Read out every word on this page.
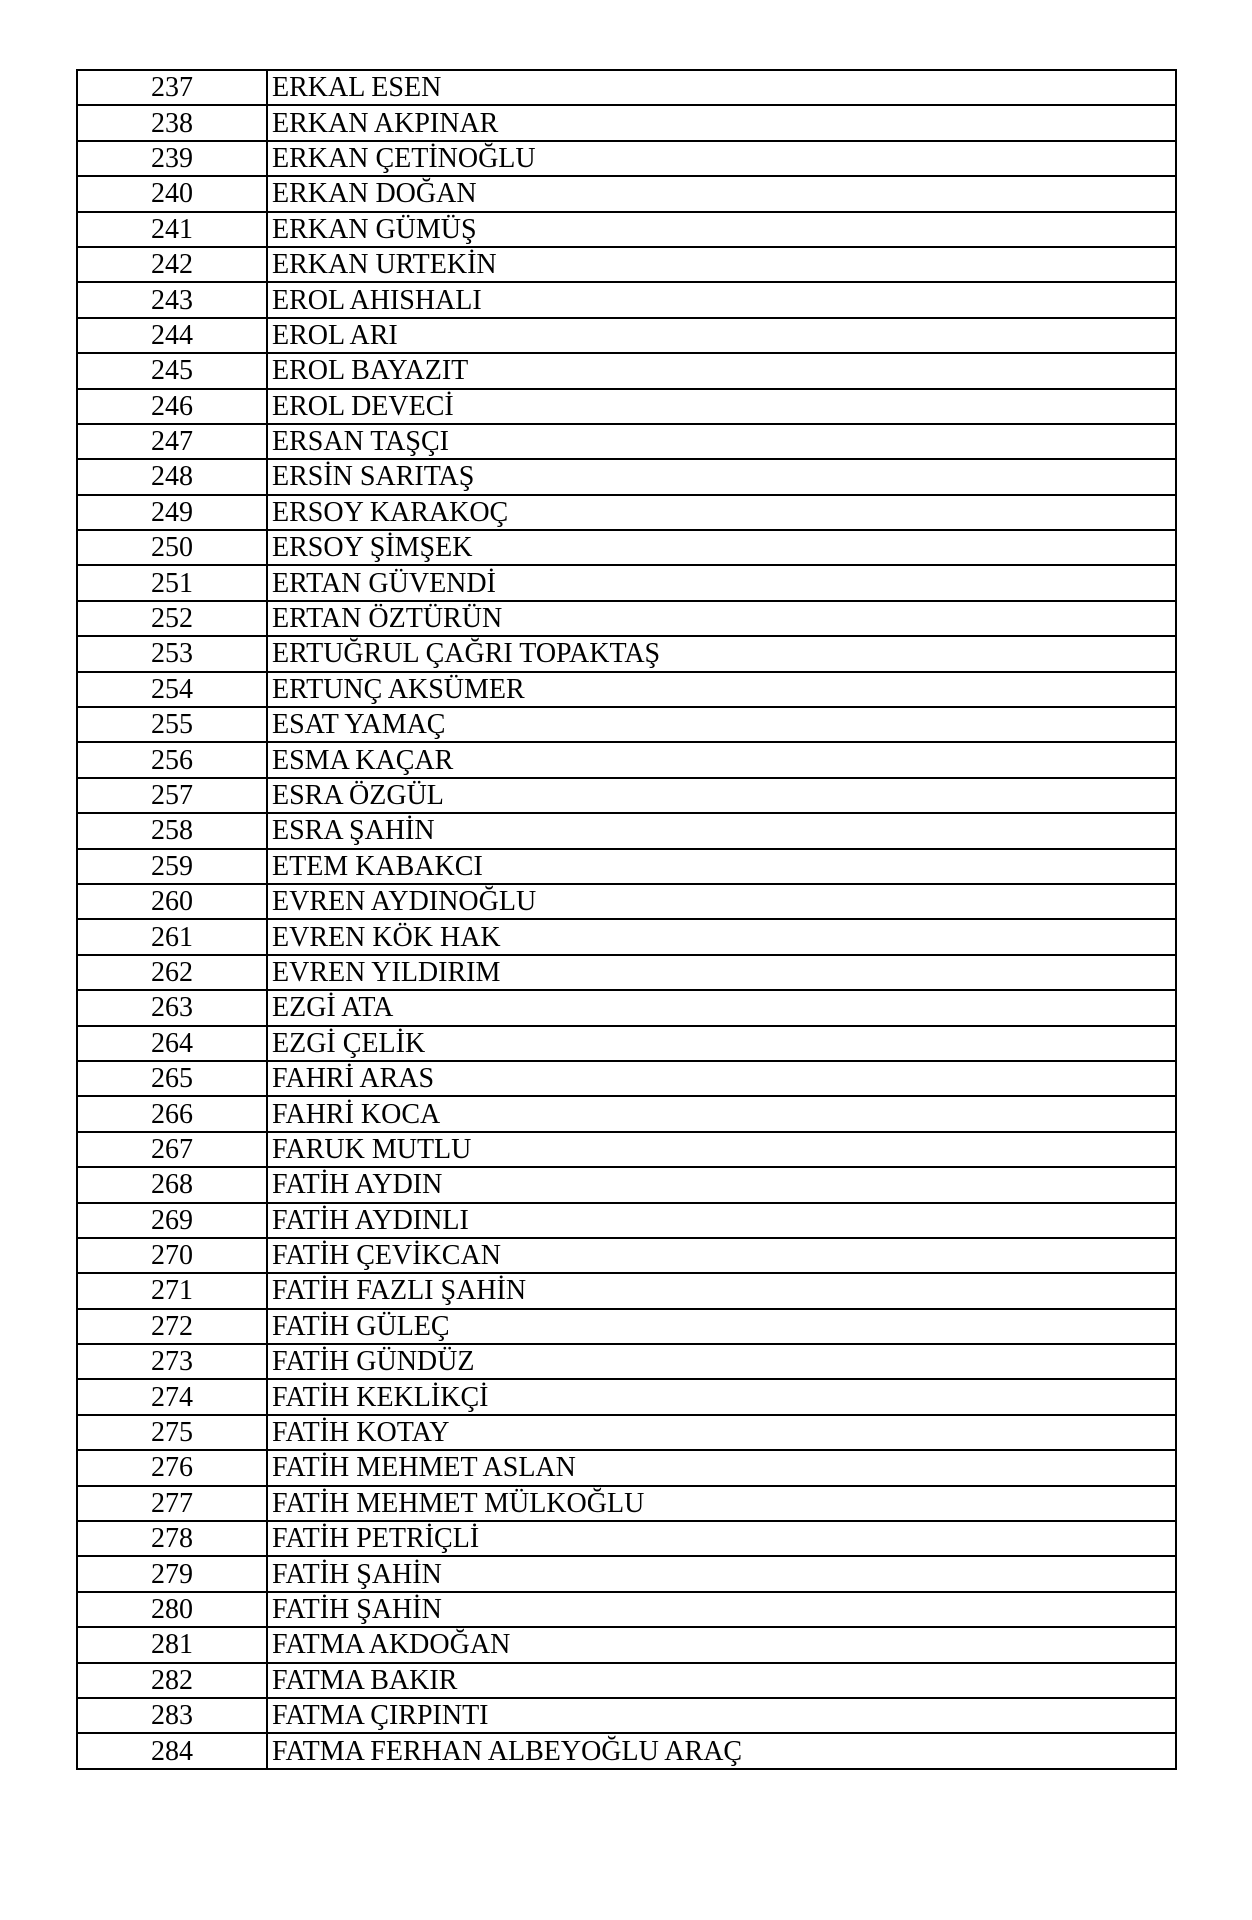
237	ERKAL ESEN
238	ERKAN AKPINAR
239	ERKAN ÇETİNOĞLU
240	ERKAN DOĞAN
241	ERKAN GÜMÜŞ
242	ERKAN URTEKİN
243	EROL AHISHALI
244	EROL ARI
245	EROL BAYAZIT
246	EROL DEVECİ
247	ERSAN TAŞÇI
248	ERSİN SARITAŞ
249	ERSOY KARAKOÇ
250	ERSOY ŞİMŞEK
251	ERTAN GÜVENDİ
252	ERTAN ÖZTÜRÜN
253	ERTUĞRUL ÇAĞRI TOPAKTAŞ
254	ERTUNÇ AKSÜMER
255	ESAT YAMAÇ
256	ESMA KAÇAR
257	ESRA ÖZGÜL
258	ESRA ŞAHİN
259	ETEM KABAKCI
260	EVREN AYDINOĞLU
261	EVREN KÖK HAK
262	EVREN YILDIRIM
263	EZGİ ATA
264	EZGİ ÇELİK
265	FAHRİ ARAS
266	FAHRİ KOCA
267	FARUK MUTLU
268	FATİH AYDIN
269	FATİH AYDINLI
270	FATİH ÇEVİKCAN
271	FATİH FAZLI ŞAHİN
272	FATİH GÜLEÇ
273	FATİH GÜNDÜZ
274	FATİH KEKLİKÇİ
275	FATİH KOTAY
276	FATİH MEHMET ASLAN
277	FATİH MEHMET MÜLKOĞLU
278	FATİH PETRİÇLİ
279	FATİH ŞAHİN
280	FATİH ŞAHİN
281	FATMA AKDOĞAN
282	FATMA BAKIR
283	FATMA ÇIRPINTI
284	FATMA FERHAN ALBEYOĞLU ARAÇ
